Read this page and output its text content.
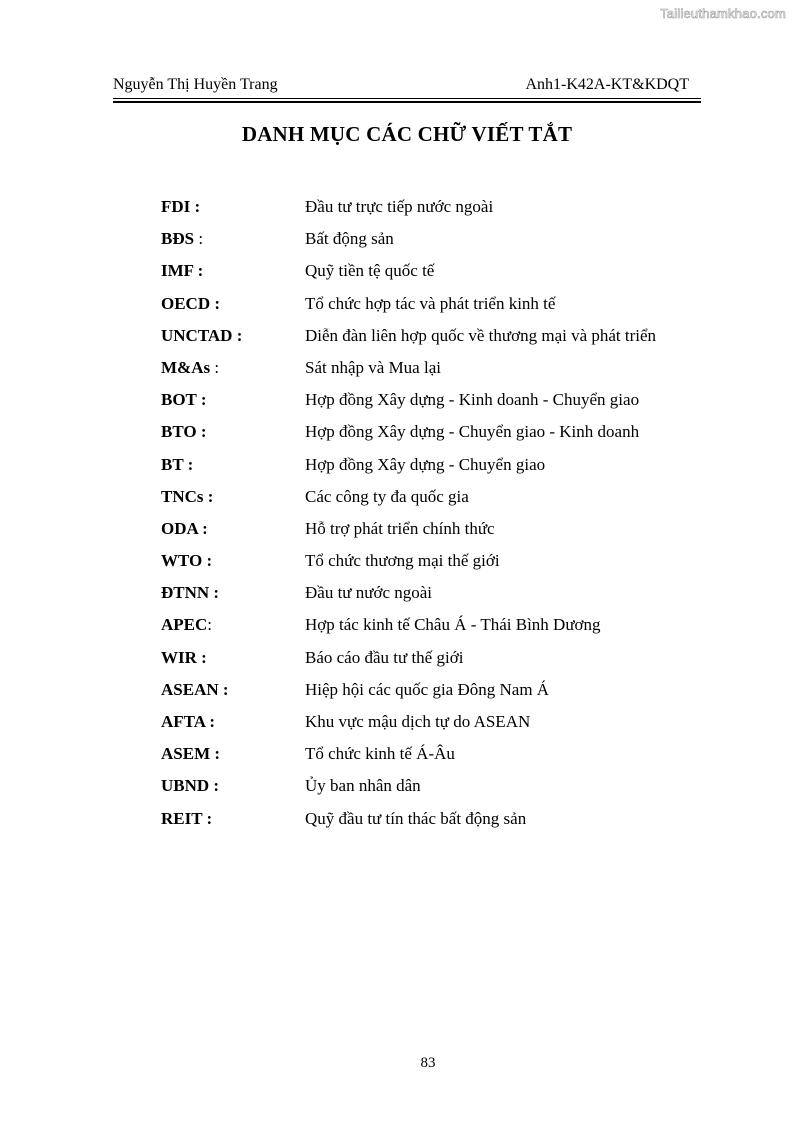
Tailieuthamkhao.com
Nguyễn Thị Huyền Trang	Anh1-K42A-KT&KDQT
DANH MỤC CÁC CHỮ VIẾT TẮT
FDI :	Đầu tư trực tiếp nước ngoài
BĐS :	Bất động sản
IMF :	Quỹ tiền tệ quốc tế
OECD :	Tổ chức hợp tác và phát triển kinh tế
UNCTAD :	Diễn đàn liên hợp quốc về thương mại và phát triển
M&As :	Sát nhập và Mua lại
BOT :	Hợp đồng Xây dựng - Kinh doanh - Chuyển giao
BTO :	Hợp đồng Xây dựng - Chuyển giao - Kinh doanh
BT :	Hợp đồng Xây dựng - Chuyển giao
TNCs :	Các công ty đa quốc gia
ODA :	Hỗ trợ phát triển chính thức
WTO :	Tổ chức thương mại thế giới
ĐTNN :	Đầu tư nước ngoài
APEC:	Hợp tác kinh tế Châu Á - Thái Bình Dương
WIR :	Báo cáo đầu tư thế giới
ASEAN :	Hiệp hội các quốc gia Đông Nam Á
AFTA :	Khu vực mậu dịch tự do ASEAN
ASEM :	Tổ chức kinh tế Á-Âu
UBND :	Ủy ban nhân dân
REIT :	Quỹ đầu tư tín thác bất động sản
83
